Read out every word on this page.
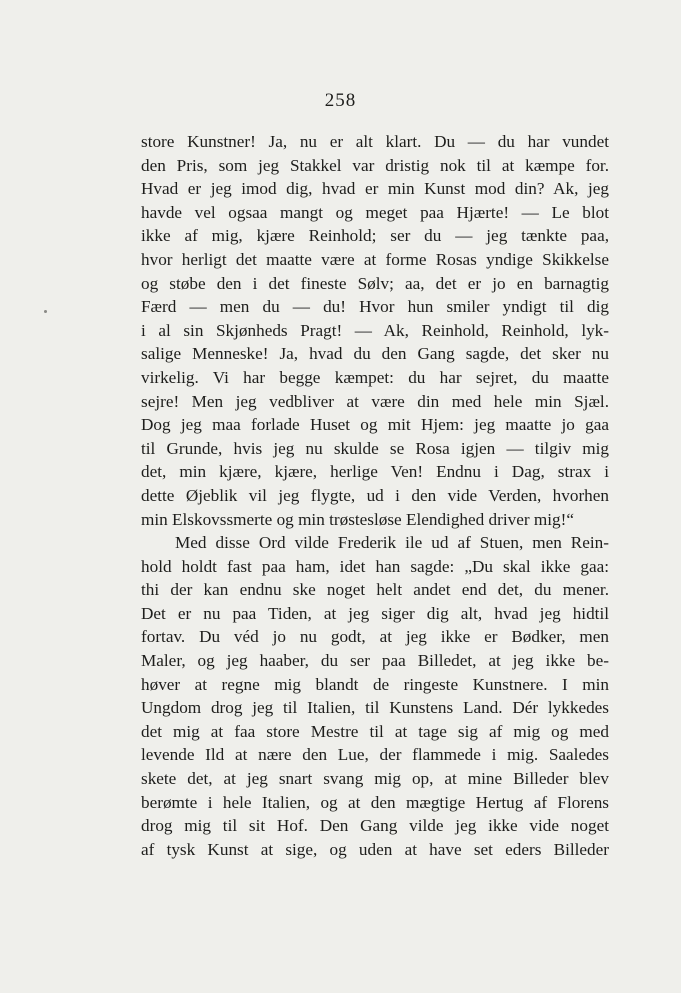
258
store Kunstner! Ja, nu er alt klart. Du — du har vundet
den Pris, som jeg Stakkel var dristig nok til at kæmpe for.
Hvad er jeg imod dig, hvad er min Kunst mod din? Ak, jeg
havde vel ogsaa mangt og meget paa Hjærte! — Le blot
ikke af mig, kjære Reinhold; ser du — jeg tænkte paa,
hvor herligt det maatte være at forme Rosas yndige Skikkelse
og støbe den i det fineste Sølv; aa, det er jo en barnagtig
Færd — men du — du! Hvor hun smiler yndigt til dig
i al sin Skjønheds Pragt! — Ak, Reinhold, Reinhold, lyk-
salige Menneske! Ja, hvad du den Gang sagde, det sker nu
virkelig. Vi har begge kæmpet: du har sejret, du maatte
sejre! Men jeg vedbliver at være din med hele min Sjæl.
Dog jeg maa forlade Huset og mit Hjem: jeg maatte jo gaa
til Grunde, hvis jeg nu skulde se Rosa igjen — tilgiv mig
det, min kjære, kjære, herlige Ven! Endnu i Dag, strax i
dette Øjeblik vil jeg flygte, ud i den vide Verden, hvorhen
min Elskovssmerte og min trøstesløse Elendighed driver mig!“
Med disse Ord vilde Frederik ile ud af Stuen, men Rein-
hold holdt fast paa ham, idet han sagde: „Du skal ikke gaa:
thi der kan endnu ske noget helt andet end det, du mener.
Det er nu paa Tiden, at jeg siger dig alt, hvad jeg hidtil
fortav. Du véd jo nu godt, at jeg ikke er Bødker, men
Maler, og jeg haaber, du ser paa Billedet, at jeg ikke be-
høver at regne mig blandt de ringeste Kunstnere. I min
Ungdom drog jeg til Italien, til Kunstens Land. Dér lykkedes
det mig at faa store Mestre til at tage sig af mig og med
levende Ild at nære den Lue, der flammede i mig. Saaledes
skete det, at jeg snart svang mig op, at mine Billeder blev
berømte i hele Italien, og at den mægtige Hertug af Florens
drog mig til sit Hof. Den Gang vilde jeg ikke vide noget
af tysk Kunst at sige, og uden at have set eders Billeder
